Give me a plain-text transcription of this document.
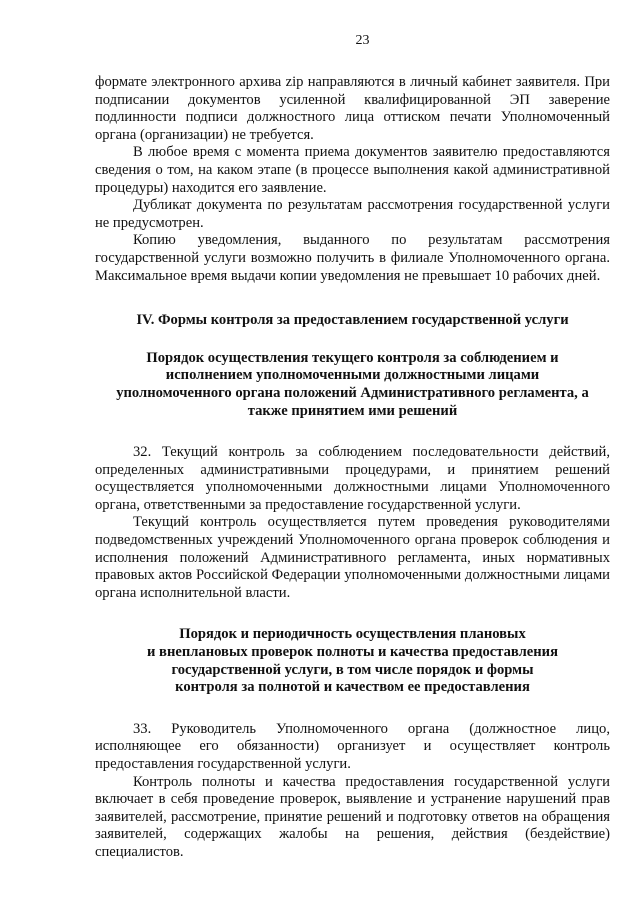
23

формате электронного архива zip направляются в личный кабинет заявителя. При подписании документов усиленной квалифицированной ЭП заверение подлинности подписи должностного лица оттиском печати Уполномоченный органа (организации) не требуется.

В любое время с момента приема документов заявителю предоставляются сведения о том, на каком этапе (в процессе выполнения какой административной процедуры) находится его заявление.

Дубликат документа по результатам рассмотрения государственной услуги не предусмотрен.

Копию уведомления, выданного по результатам рассмотрения государственной услуги возможно получить в филиале Уполномоченного органа. Максимальное время выдачи копии уведомления не превышает 10 рабочих дней.

IV. Формы контроля за предоставлением государственной услуги
Порядок осуществления текущего контроля за соблюдением и
исполнением уполномоченными должностными лицами
уполномоченного органа положений Административного регламента, а
также принятием ими решений

32. Текущий контроль за соблюдением последовательности действий, определенных административными процедурами, и принятием решений осуществляется уполномоченными должностными лицами Уполномоченного органа, ответственными за предоставление государственной услуги.

Текущий контроль осуществляется путем проведения руководителями подведомственных учреждений Уполномоченного органа проверок соблюдения и исполнения положений Административного регламента, иных нормативных правовых актов Российской Федерации уполномоченными должностными лицами органа исполнительной власти.

Порядок и периодичность осуществления плановых
и внеплановых проверок полноты и качества предоставления
государственной услуги, в том числе порядок и формы
контроля за полнотой и качеством ее предоставления

33. Руководитель Уполномоченного органа (должностное лицо, исполняющее его обязанности) организует и осуществляет контроль предоставления государственной услуги.

Контроль полноты и качества предоставления государственной услуги включает в себя проведение проверок, выявление и устранение нарушений прав заявителей, рассмотрение, принятие решений и подготовку ответов на обращения заявителей, содержащих жалобы на решения, действия (бездействие) специалистов.
